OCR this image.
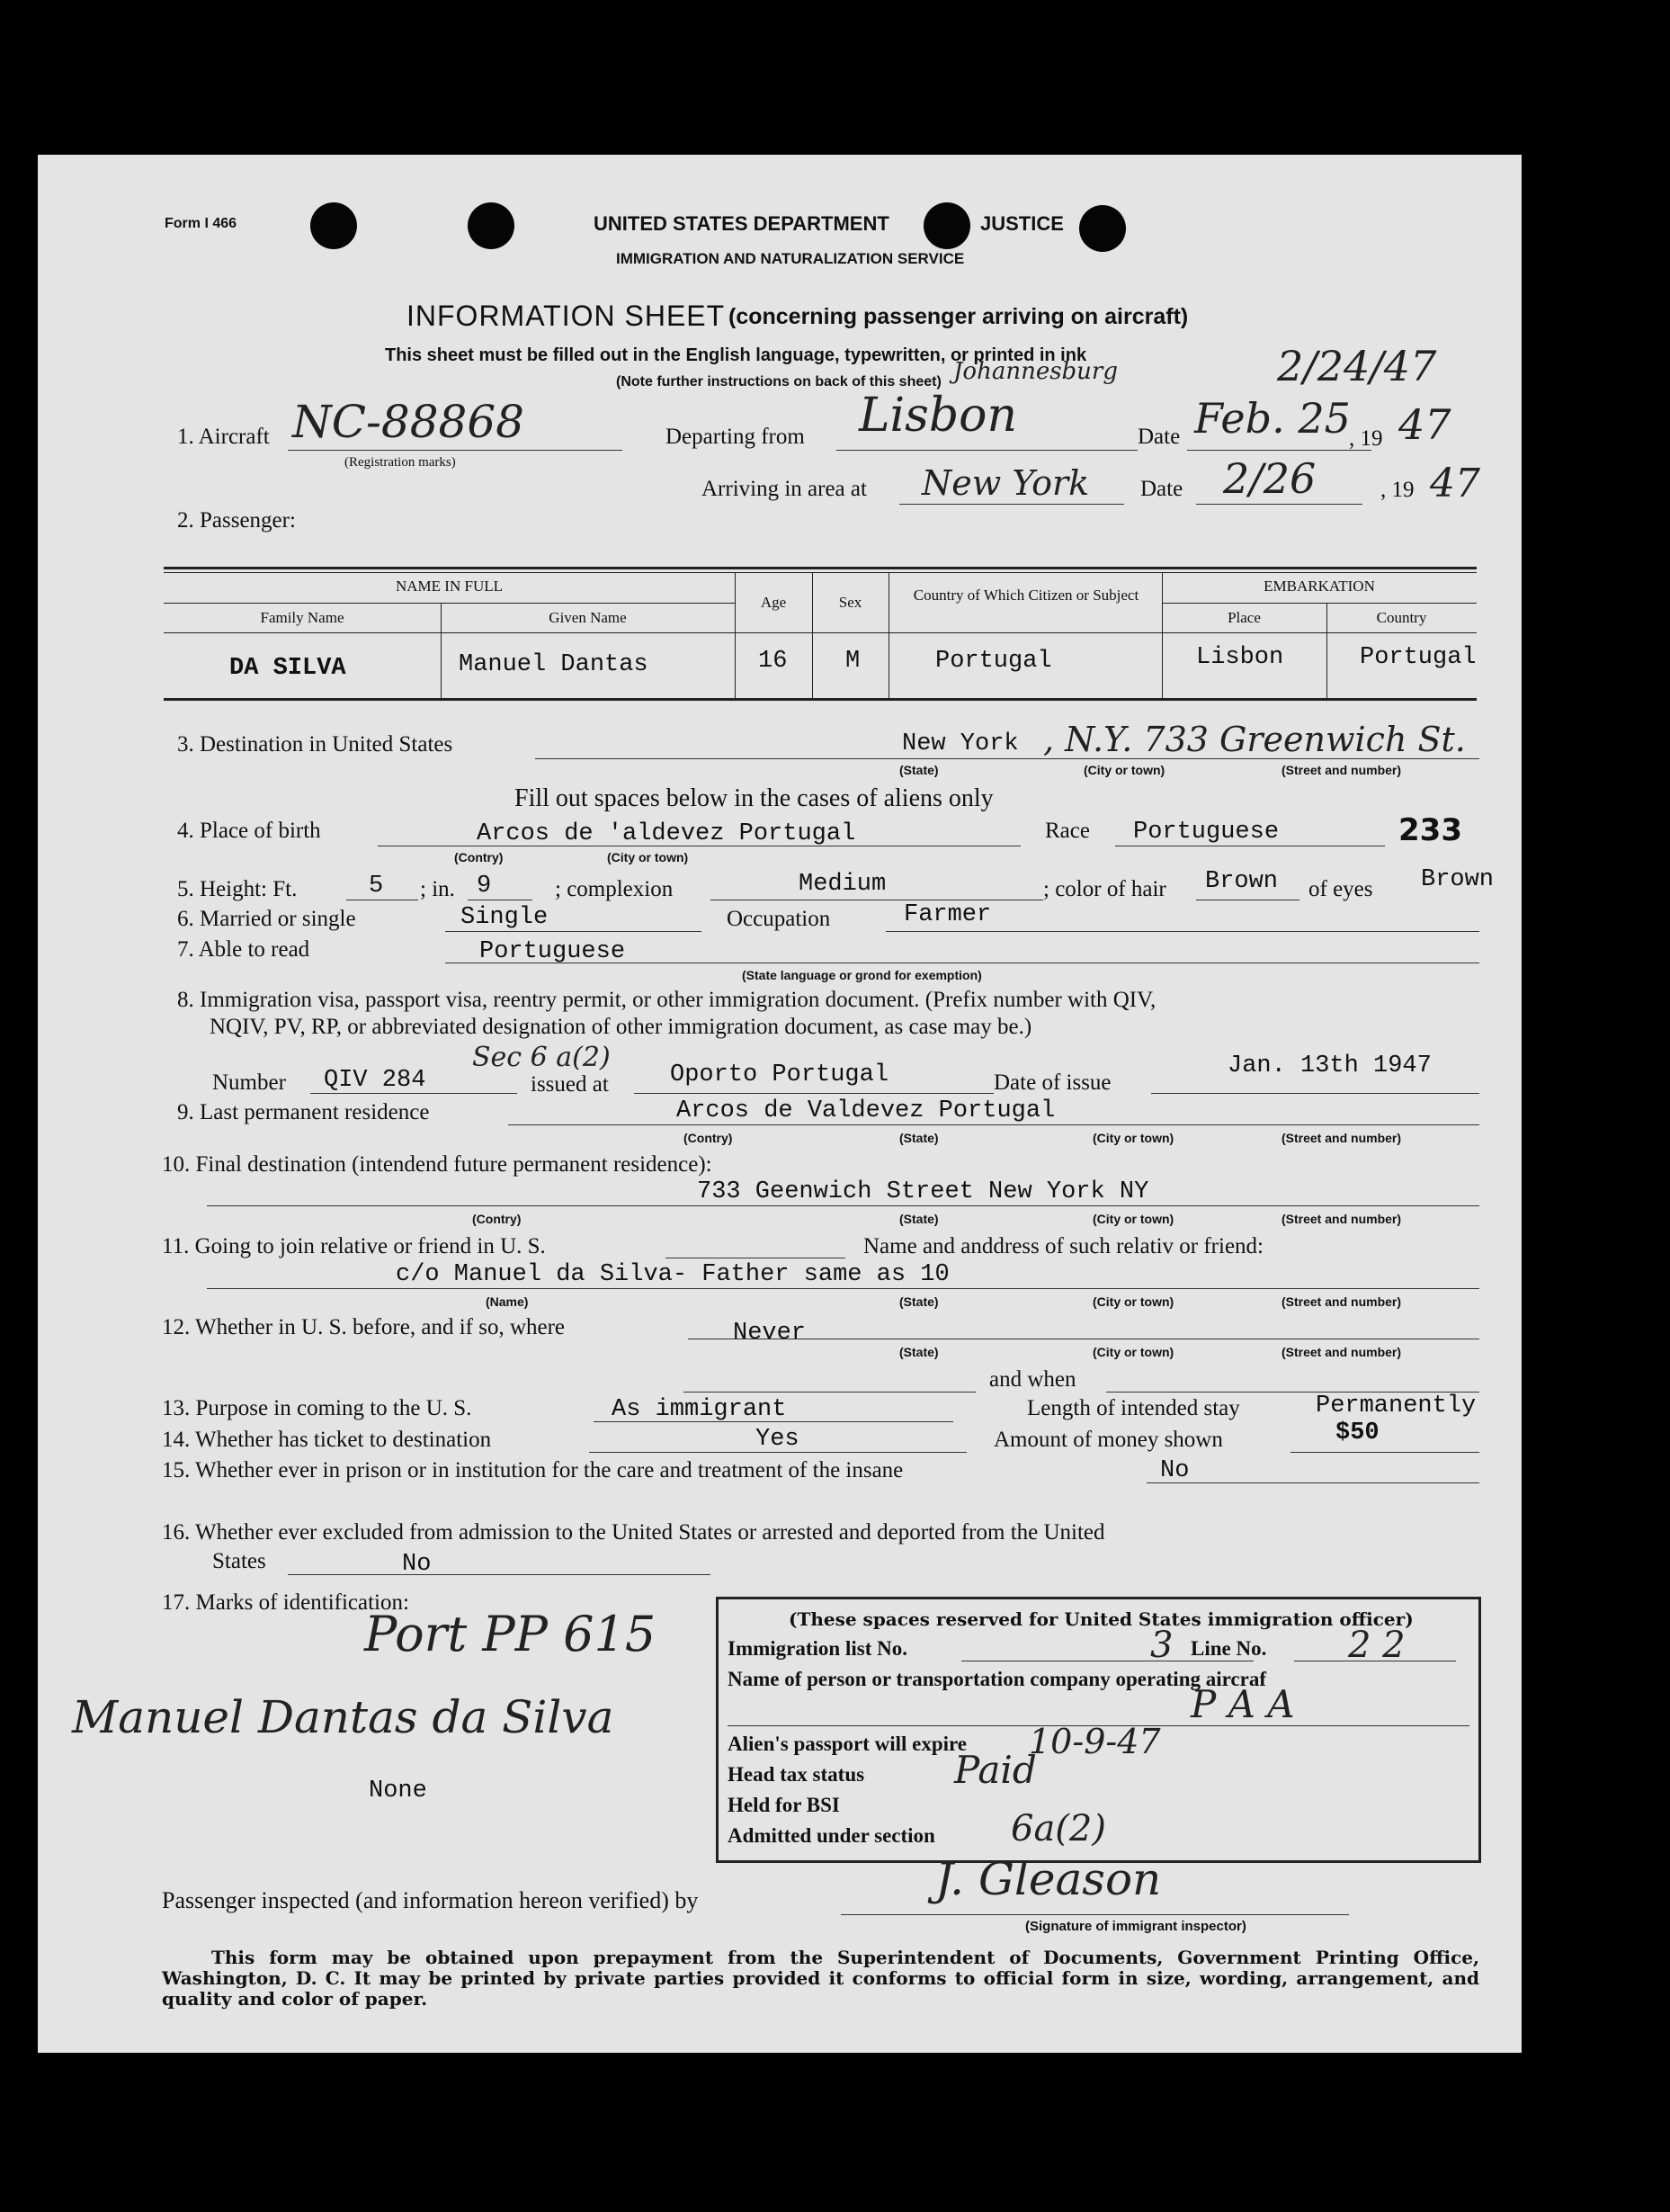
Form I 466	UNITED STATES DEPARTMENT	JUSTICE
IMMIGRATION AND NATURALIZATION SERVICE
INFORMATION SHEET (concerning passenger arriving on aircraft)
This sheet must be filled out in the English language, typewritten, or printed in ink
(Note further instructions on back of this sheet) Johannesburg	2/24/47
1. Aircraft NC-88868
(Registration marks)
Departing from Lisbon	Date Feb. 25
, 19 47
Arriving in area at New York Date 2/26	, 19 47
2. Passenger:
NAME IN FULL
Family Name	Given Name
Age	Sex	Country of Which Citizen or Subject
EMBARKATION
Place	Country
DA SILVA	Manuel Dantas	16 M	Portugal	Lisbon	Portugal
3. Destination in United States	New York , N.Y. 733 Greenwich St.
(State)	(City or town)	(Street and number)
Fill out spaces below in the cases of aliens only
4. Place of birth	Arcos de 'aldevez Portugal
(Contry)	(City or town)
Race Portuguese	233
5. Height: Ft.	5 ; in. 9	; complexion	Medium	; color of hair Brown of eyes Brown
6. Married or single	Single	Occupation	Farmer
7. Able to read	Portuguese
(State language or grond for exemption)
8. Immigration visa, passport visa, reentry permit, or other immigration document. (Prefix number with QIV,
NQIV, PV, RP, or abbreviated designation of other immigration document, as case may be.)
Number QIV 284
Sec 6 a(2)
issued at	Oporto Portugal	Date of issue
Jan. 13th 1947
9. Last permanent residence	Arcos de Valdevez Portugal
(Contry)	(State)	(City or town)	(Street and number)
10. Final destination (intendend future permanent residence):
733 Geenwich Street New York NY
(Contry)	(State)	(City or town)	(Street and number)
11. Going to join relative or friend in U. S.	Name and anddress of such relativ or friend:
c/o Manuel da Silva- Father same as 10
(Name)	(State)	(City or town)	(Street and number)
12. Whether in U. S. before, and if so, where	Never
(State)	(City or town)	(Street and number)
and when
13. Purpose in coming to the U. S.	As immigrant	Length of intended stay	Permanently
14. Whether has ticket to destination	Yes	Amount of money shown	$50
15. Whether ever in prison or in institution for the care and treatment of the insane	No
16. Whether ever excluded from admission to the United States or arrested and deported from the United
States	No
17. Marks of identification:
Port PP 615
Manuel Dantas da Silva
None
(These spaces reserved for United States immigration officer)
Immigration list No.	3 Line No. 2 2
Name of person or transportation company operating aircraf
P A A
Alien's passport will expire 10-9-47
Head tax status Paid
Held for BSI
Admitted under section 6a(2)
Passenger inspected (and information hereon verified) by	J. Gleason
(Signature of immigrant inspector)
This form may be obtained upon prepayment from the Superintendent of Documents, Government Printing Office, Washington, D. C. It may be printed by private parties provided it conforms to official form in size, wording, arrangement, and quality and color of paper.
